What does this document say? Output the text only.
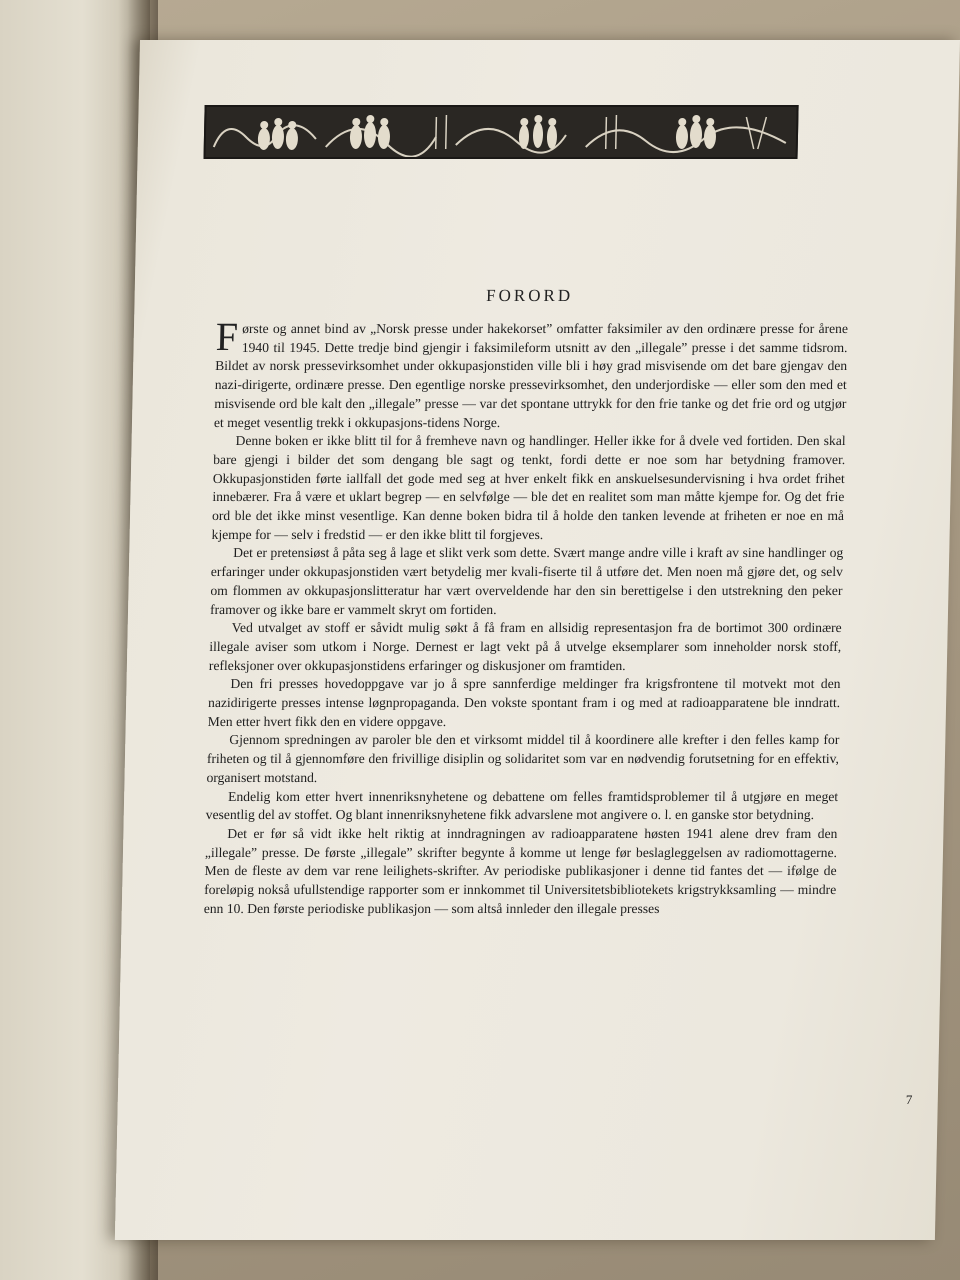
FORORD

Første og annet bind av „Norsk presse under hakekorset” omfatter faksimiler av den ordinære presse for årene 1940 til 1945. Dette tredje bind gjengir i faksimileform utsnitt av den „illegale” presse i det samme tidsrom. Bildet av norsk pressevirksomhet under okkupasjonstiden ville bli i høy grad misvisende om det bare gjengav den nazi-dirigerte, ordinære presse. Den egentlige norske pressevirksomhet, den underjordiske — eller som den med et misvisende ord ble kalt den „illegale” presse — var det spontane uttrykk for den frie tanke og det frie ord og utgjør et meget vesentlig trekk i okkupasjons-tidens Norge.

Denne boken er ikke blitt til for å fremheve navn og handlinger. Heller ikke for å dvele ved fortiden. Den skal bare gjengi i bilder det som dengang ble sagt og tenkt, fordi dette er noe som har betydning framover. Okkupasjonstiden førte iallfall det gode med seg at hver enkelt fikk en anskuelsesundervisning i hva ordet frihet innebærer. Fra å være et uklart begrep — en selvfølge — ble det en realitet som man måtte kjempe for. Og det frie ord ble det ikke minst vesentlige. Kan denne boken bidra til å holde den tanken levende at friheten er noe en må kjempe for — selv i fredstid — er den ikke blitt til forgjeves.

Det er pretensiøst å påta seg å lage et slikt verk som dette. Svært mange andre ville i kraft av sine handlinger og erfaringer under okkupasjonstiden vært betydelig mer kvali-fiserte til å utføre det. Men noen må gjøre det, og selv om flommen av okkupasjonslitteratur har vært overveldende har den sin berettigelse i den utstrekning den peker framover og ikke bare er vammelt skryt om fortiden.

Ved utvalget av stoff er såvidt mulig søkt å få fram en allsidig representasjon fra de bortimot 300 ordinære illegale aviser som utkom i Norge. Dernest er lagt vekt på å utvelge eksemplarer som inneholder norsk stoff, refleksjoner over okkupasjonstidens erfaringer og diskusjoner om framtiden.

Den fri presses hovedoppgave var jo å spre sannferdige meldinger fra krigsfrontene til motvekt mot den nazidirigerte presses intense løgnpropaganda. Den vokste spontant fram i og med at radioapparatene ble inndratt. Men etter hvert fikk den en videre oppgave.

Gjennom spredningen av paroler ble den et virksomt middel til å koordinere alle krefter i den felles kamp for friheten og til å gjennomføre den frivillige disiplin og solidaritet som var en nødvendig forutsetning for en effektiv, organisert motstand.

Endelig kom etter hvert innenriksnyhetene og debattene om felles framtidsproblemer til å utgjøre en meget vesentlig del av stoffet. Og blant innenriksnyhetene fikk advarslene mot angivere o. l. en ganske stor betydning.

Det er før så vidt ikke helt riktig at inndragningen av radioapparatene høsten 1941 alene drev fram den „illegale” presse. De første „illegale” skrifter begynte å komme ut lenge før beslagleggelsen av radiomottagerne. Men de fleste av dem var rene leilighets-skrifter. Av periodiske publikasjoner i denne tid fantes det — ifølge de foreløpig nokså ufullstendige rapporter som er innkommet til Universitetsbibliotekets krigstrykksamling — mindre enn 10. Den første periodiske publikasjon — som altså innleder den illegale presses

7
